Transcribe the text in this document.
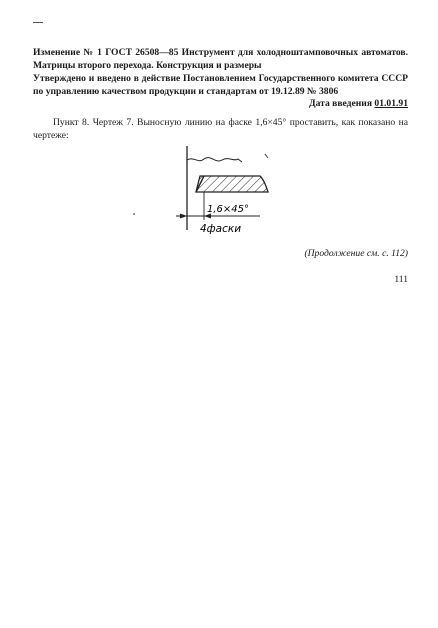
Изменение № 1 ГОСТ 26508—85 Инструмент для холодноштамповочных автоматов. Матрицы второго перехода. Конструкция и размеры

Утверждено и введено в действие Постановлением Государственного комитета СССР по управлению качеством продукции и стандартам от 19.12.89 № 3806

Дата введения 01.01.91

Пункт 8. Чертеж 7. Выносную линию на фаске 1,6×45° проставить, как показано на чертеже:

1,6×45°
4фаски

(Продолжение см. с. 112)

111
